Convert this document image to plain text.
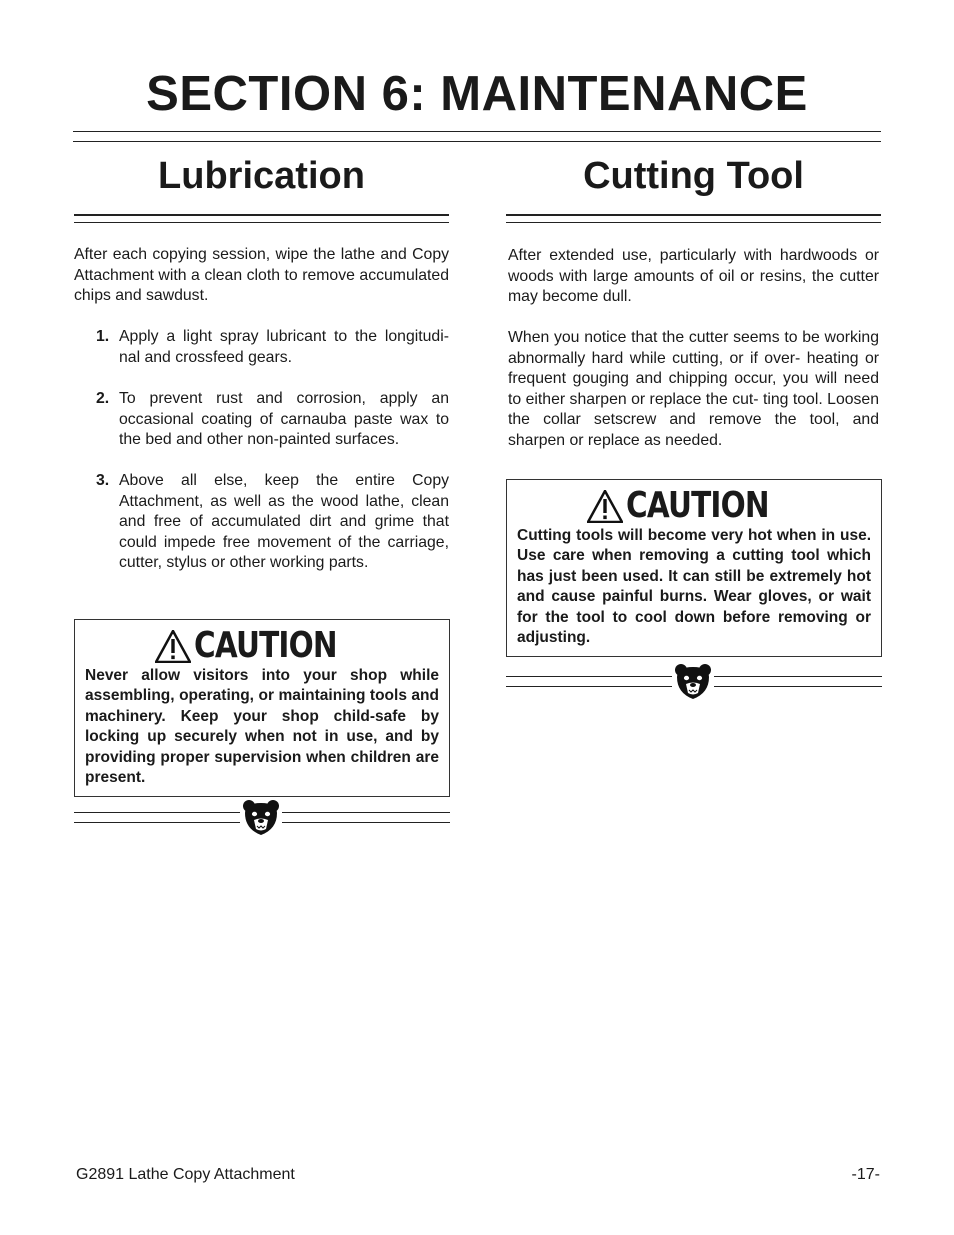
SECTION 6: MAINTENANCE
Lubrication

After each copying session, wipe the lathe and Copy Attachment with a clean cloth to remove accumulated chips and sawdust.

1. Apply a light spray lubricant to the longitudi- nal and crossfeed gears.
2. To prevent rust and corrosion, apply an occasional coating of carnauba paste wax to the bed and other non-painted surfaces.
3. Above all else, keep the entire Copy Attachment, as well as the wood lathe, clean and free of accumulated dirt and grime that could impede free movement of the carriage, cutter, stylus or other working parts.
CAUTION

Never allow visitors into your shop while assembling, operating, or maintaining tools and machinery. Keep your shop child-safe by locking up securely when not in use, and by providing proper supervision when children are present.

Cutting Tool

After extended use, particularly with hardwoods or woods with large amounts of oil or resins, the cutter may become dull.

When you notice that the cutter seems to be working abnormally hard while cutting, or if over- heating or frequent gouging and chipping occur, you will need to either sharpen or replace the cut- ting tool. Loosen the collar setscrew and remove the tool, and sharpen or replace as needed.

CAUTION

Cutting tools will become very hot when in use. Use care when removing a cutting tool which has just been used. It can still be extremely hot and cause painful burns. Wear gloves, or wait for the tool to cool down before removing or adjusting.

G2891 Lathe Copy Attachment	-17-
